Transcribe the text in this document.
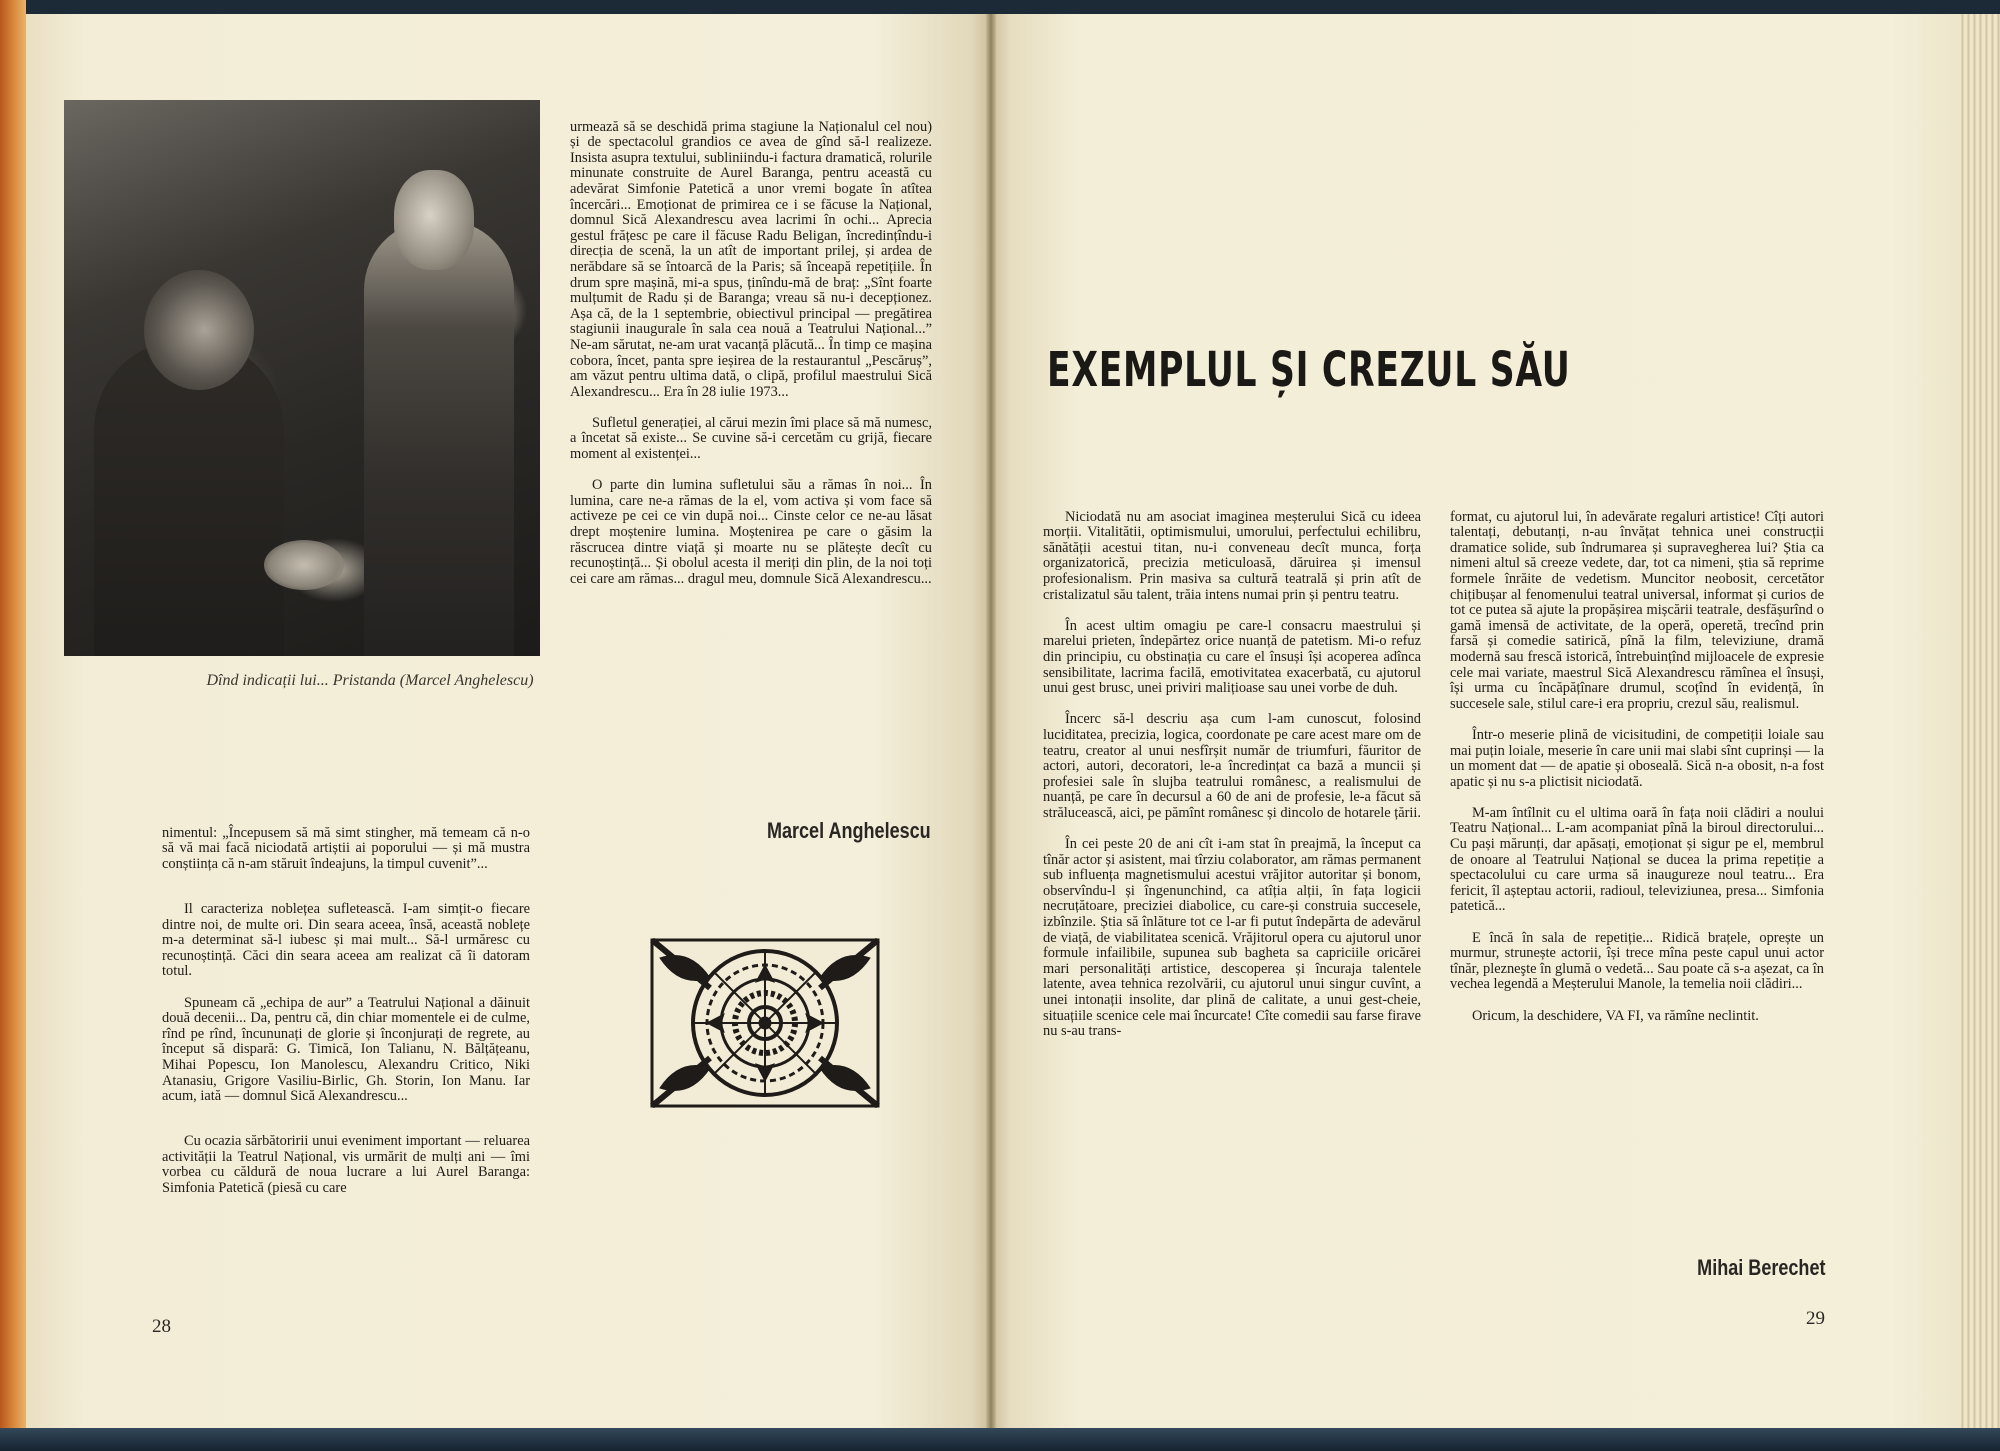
Dînd indicații lui... Pristanda (Marcel Anghelescu)

urmează să se deschidă prima stagiune la Naționalul cel nou) și de spectacolul grandios ce avea de gînd să-l realizeze. Insista asupra textului, subliniindu-i factura dramatică, rolurile minunate construite de Aurel Baranga, pentru această cu adevărat Simfonie Patetică a unor vremi bogate în atîtea încercări... Emoționat de primirea ce i se făcuse la Național, domnul Sică Alexandrescu avea lacrimi în ochi... Aprecia gestul frățesc pe care il făcuse Radu Beligan, încredințîndu-i direcția de scenă, la un atît de important prilej, și ardea de nerăbdare să se întoarcă de la Paris; să înceapă repetițiile. În drum spre mașină, mi-a spus, ținîndu-mă de braț: „Sînt foarte mulțumit de Radu și de Baranga; vreau să nu-i decepționez. Așa că, de la 1 septembrie, obiectivul principal — pregătirea stagiunii inaugurale în sala cea nouă a Teatrului Național...” Ne-am sărutat, ne-am urat vacanță plăcută... În timp ce mașina cobora, încet, panta spre ieșirea de la restaurantul „Pescăruș”, am văzut pentru ultima dată, o clipă, profilul maestrului Sică Alexandrescu... Era în 28 iulie 1973...

Sufletul generației, al cărui mezin îmi place să mă numesc, a încetat să existe... Se cuvine să-i cercetăm cu grijă, fiecare moment al existenței...

O parte din lumina sufletului său a rămas în noi... În lumina, care ne-a rămas de la el, vom activa și vom face să activeze pe cei ce vin după noi... Cinste celor ce ne-au lăsat drept moștenire lumina. Moștenirea pe care o găsim la răscrucea dintre viață și moarte nu se plătește decît cu recunoștință... Și obolul acesta il meriți din plin, de la noi toți cei care am rămas... dragul meu, domnule Sică Alexandrescu...

Marcel Anghelescu

nimentul: „Începusem să mă simt stingher, mă temeam că n-o să vă mai facă niciodată artiștii ai poporului — și mă mustra conștiința că n-am stăruit îndeajuns, la timpul cuvenit”...

Il caracteriza noblețea sufletească. I-am simțit-o fiecare dintre noi, de multe ori. Din seara aceea, însă, această noblețe m-a determinat să-l iubesc și mai mult... Să-l urmăresc cu recunoștință. Căci din seara aceea am realizat că îi datoram totul.

Spuneam că „echipa de aur” a Teatrului Național a dăinuit două decenii... Da, pentru că, din chiar momentele ei de culme, rînd pe rînd, încununați de glorie și înconjurați de regrete, au început să dispară: G. Timică, Ion Talianu, N. Bălțățeanu, Mihai Popescu, Ion Manolescu, Alexandru Critico, Niki Atanasiu, Grigore Vasiliu-Birlic, Gh. Storin, Ion Manu. Iar acum, iată — domnul Sică Alexandrescu...

Cu ocazia sărbătoririi unui eveniment important — reluarea activității la Teatrul Național, vis urmărit de mulți ani — îmi vorbea cu căldură de noua lucrare a lui Aurel Baranga: Simfonia Patetică (piesă cu care

28
EXEMPLUL ȘI CREZUL SĂU

Niciodată nu am asociat imaginea meșterului Sică cu ideea morții. Vitalitătii, optimismului, umorului, perfectului echilibru, sănătății acestui titan, nu-i conveneau decît munca, forța organizatorică, precizia meticuloasă, dăruirea și imensul profesionalism. Prin masiva sa cultură teatrală și prin atît de cristalizatul său talent, trăia intens numai prin și pentru teatru.

În acest ultim omagiu pe care-l consacru maestrului și marelui prieten, îndepărtez orice nuanță de patetism. Mi-o refuz din principiu, cu obstinația cu care el însuși își acoperea adînca sensibilitate, lacrima facilă, emotivitatea exacerbată, cu ajutorul unui gest brusc, unei priviri malițioase sau unei vorbe de duh.

Încerc să-l descriu așa cum l-am cunoscut, folosind luciditatea, precizia, logica, coordonate pe care acest mare om de teatru, creator al unui nesfîrșit număr de triumfuri, făuritor de actori, autori, decoratori, le-a încredințat ca bază a muncii și profesiei sale în slujba teatrului românesc, a realismului de nuanță, pe care în decursul a 60 de ani de profesie, le-a făcut să strălucească, aici, pe pămînt românesc și dincolo de hotarele țării.

În cei peste 20 de ani cît i-am stat în preajmă, la început ca tînăr actor și asistent, mai tîrziu colaborator, am rămas permanent sub influența magnetismului acestui vrăjitor autoritar și bonom, observîndu-l și îngenunchind, ca atîția alții, în fața logicii necruțătoare, preciziei diabolice, cu care-și construia succesele, izbînzile. Știa să înlăture tot ce l-ar fi putut îndepărta de adevărul de viață, de viabilitatea scenică. Vrăjitorul opera cu ajutorul unor formule infailibile, supunea sub bagheta sa capriciile oricărei mari personalități artistice, descoperea și încuraja talentele latente, avea tehnica rezolvării, cu ajutorul unui singur cuvînt, a unei intonații insolite, dar plină de calitate, a unui gest-cheie, situațiile scenice cele mai încurcate! Cîte comedii sau farse firave nu s-au trans-

format, cu ajutorul lui, în adevărate regaluri artistice! Cîți autori talentați, debutanți, n-au învățat tehnica unei construcții dramatice solide, sub îndrumarea și supravegherea lui? Știa ca nimeni altul să creeze vedete, dar, tot ca nimeni, știa să reprime formele înrăite de vedetism. Muncitor neobosit, cercetător chițibușar al fenomenului teatral universal, informat și curios de tot ce putea să ajute la propășirea mișcării teatrale, desfășurînd o gamă imensă de activitate, de la operă, operetă, trecînd prin farsă și comedie satirică, pînă la film, televiziune, dramă modernă sau frescă istorică, întrebuințînd mijloacele de expresie cele mai variate, maestrul Sică Alexandrescu rămînea el însuși, își urma cu încăpățînare drumul, scoțînd în evidență, în succesele sale, stilul care-i era propriu, crezul său, realismul.

Într-o meserie plină de vicisitudini, de competiții loiale sau mai puțin loiale, meserie în care unii mai slabi sînt cuprinși — la un moment dat — de apatie și oboseală. Sică n-a obosit, n-a fost apatic și nu s-a plictisit niciodată.

M-am întîlnit cu el ultima oară în fața noii clădiri a noului Teatru Național... L-am acompaniat pînă la biroul directorului... Cu pași mărunți, dar apăsați, emoționat și sigur pe el, membrul de onoare al Teatrului Național se ducea la prima repetiție a spectacolului cu care urma să inaugureze noul teatru... Era fericit, îl așteptau actorii, radioul, televiziunea, presa... Simfonia patetică...

E încă în sala de repetiție... Ridică brațele, oprește un murmur, strunește actorii, își trece mîna peste capul unui actor tînăr, plezneşte în glumă o vedetă... Sau poate că s-a așezat, ca în vechea legendă a Meșterului Manole, la temelia noii clădiri...

Oricum, la deschidere, VA FI, va rămîne neclintit.

Mihai Berechet
29
